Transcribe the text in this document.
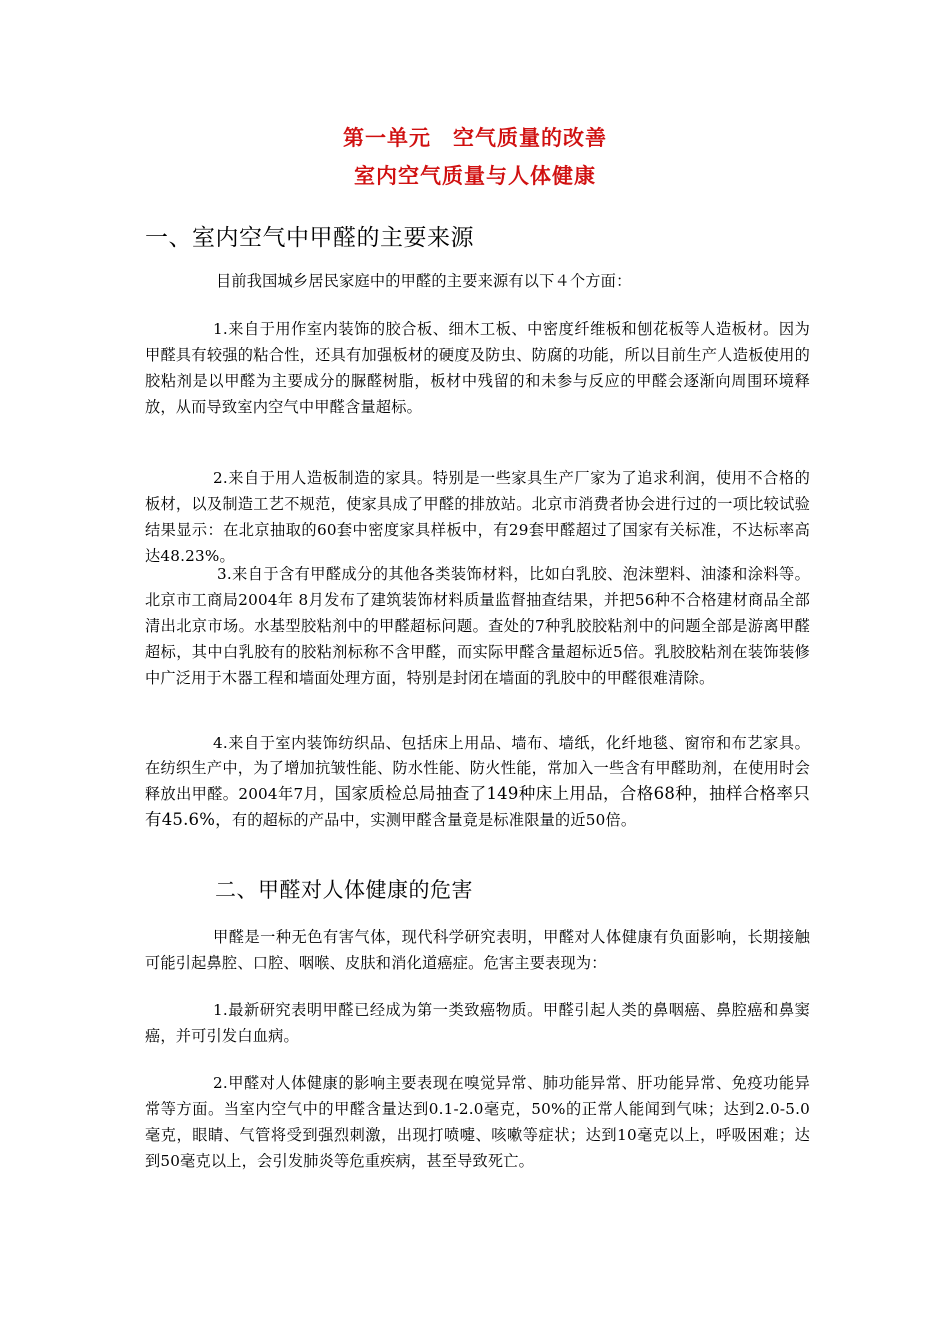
第一单元　空气质量的改善
室内空气质量与人体健康
一、室内空气中甲醛的主要来源

目前我国城乡居民家庭中的甲醛的主要来源有以下４个方面：

1.来自于用作室内装饰的胶合板、细木工板、中密度纤维板和刨花板等人造板材。因为甲醛具有较强的粘合性，还具有加强板材的硬度及防虫、防腐的功能，所以目前生产人造板使用的胶粘剂是以甲醛为主要成分的脲醛树脂，板材中残留的和未参与反应的甲醛会逐渐向周围环境释放，从而导致室内空气中甲醛含量超标。

2.来自于用人造板制造的家具。特别是一些家具生产厂家为了追求利润，使用不合格的板材，以及制造工艺不规范，使家具成了甲醛的排放站。北京市消费者协会进行过的一项比较试验结果显示：在北京抽取的60套中密度家具样板中，有29套甲醛超过了国家有关标准，不达标率高达48.23%。

3.来自于含有甲醛成分的其他各类装饰材料，比如白乳胶、泡沫塑料、油漆和涂料等。北京市工商局2004年 8月发布了建筑装饰材料质量监督抽查结果，并把56种不合格建材商品全部清出北京市场。水基型胶粘剂中的甲醛超标问题。查处的7种乳胶胶粘剂中的问题全部是游离甲醛超标，其中白乳胶有的胶粘剂标称不含甲醛，而实际甲醛含量超标近5倍。乳胶胶粘剂在装饰装修中广泛用于木器工程和墙面处理方面，特别是封闭在墙面的乳胶中的甲醛很难清除。

4.来自于室内装饰纺织品、包括床上用品、墙布、墙纸，化纤地毯、窗帘和布艺家具。在纺织生产中，为了增加抗皱性能、防水性能、防火性能，常加入一些含有甲醛助剂，在使用时会释放出甲醛。2004年7月，国家质检总局抽查了149种床上用品，合格68种，抽样合格率只有45.6%，有的超标的产品中，实测甲醛含量竟是标准限量的近50倍。

二、甲醛对人体健康的危害

甲醛是一种无色有害气体，现代科学研究表明，甲醛对人体健康有负面影响，长期接触可能引起鼻腔、口腔、咽喉、皮肤和消化道癌症。危害主要表现为：

1.最新研究表明甲醛已经成为第一类致癌物质。甲醛引起人类的鼻咽癌、鼻腔癌和鼻窦癌，并可引发白血病。

2.甲醛对人体健康的影响主要表现在嗅觉异常、肺功能异常、肝功能异常、免疫功能异常等方面。当室内空气中的甲醛含量达到0.1-2.0毫克，50%的正常人能闻到气味；达到2.0-5.0毫克，眼睛、气管将受到强烈刺激，出现打喷嚏、咳嗽等症状；达到10毫克以上，呼吸困难；达到50毫克以上，会引发肺炎等危重疾病，甚至导致死亡。
